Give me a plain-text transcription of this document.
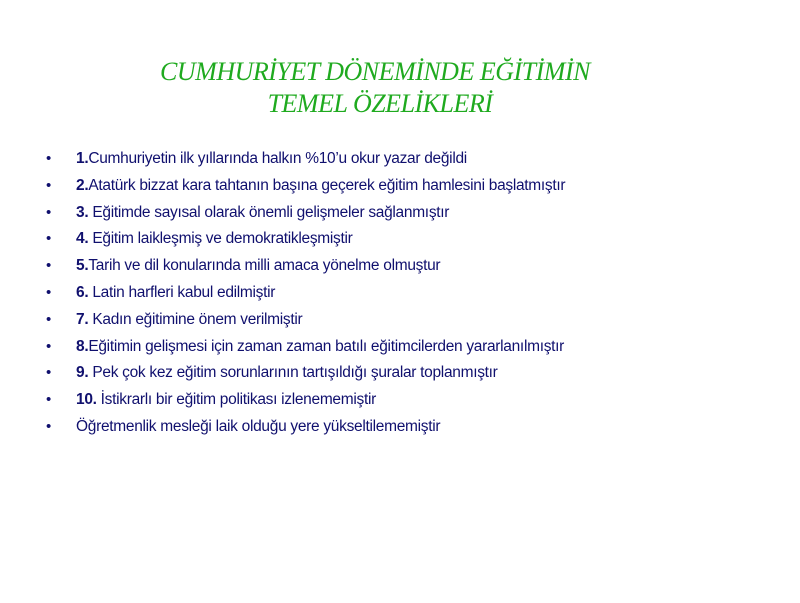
CUMHURİYET DÖNEMİNDE EĞİTİMİN
TEMEL ÖZELİKLERİ
• 1.Cumhuriyetin ilk yıllarında halkın %10’u okur yazar değildi
• 2.Atatürk bizzat kara tahtanın başına geçerek eğitim hamlesini başlatmıştır
• 3. Eğitimde sayısal olarak önemli gelişmeler sağlanmıştır
• 4. Eğitim laikleşmiş ve demokratikleşmiştir
• 5.Tarih ve dil konularında milli amaca yönelme olmuştur
• 6. Latin harfleri kabul edilmiştir
• 7. Kadın eğitimine önem verilmiştir
• 8.Eğitimin gelişmesi için zaman zaman batılı eğitimcilerden yararlanılmıştır
• 9. Pek çok kez eğitim sorunlarının tartışıldığı şuralar toplanmıştır
• 10. İstikrarlı bir eğitim politikası izlenememiştir
• Öğretmenlik mesleği laik olduğu yere yükseltilememiştir
